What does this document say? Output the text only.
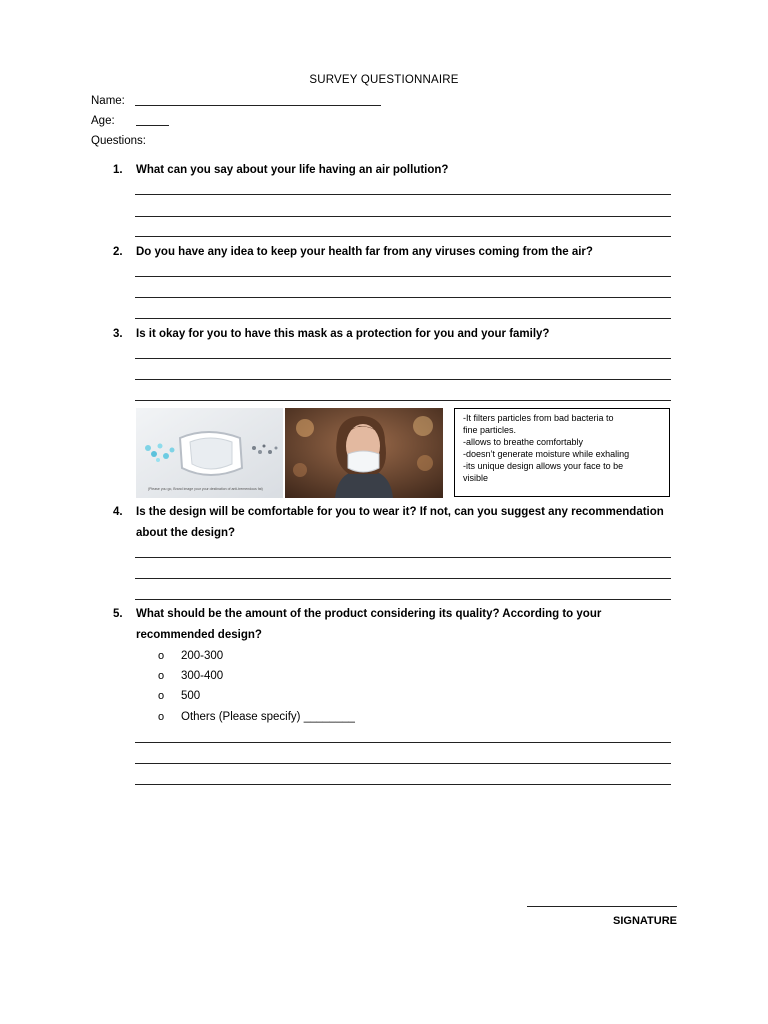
SURVEY QUESTIONNAIRE
Name:
Age:
Questions:
1. What can you say about your life having an air pollution?
2. Do you have any idea to keep your health far from any viruses coming from the air?
3. Is it okay for you to have this mask as a protection for you and your family?
(Please you go, Brand image your your destination of anti-tremendous fat)
-It filters particles from bad bacteria to
fine particles.
-allows to breathe comfortably
-doesn’t generate moisture while exhaling
-its unique design allows your face to be
visible
4. Is the design will be comfortable for you to wear it? If not, can you suggest any recommendation
about the design?
5. What should be the amount of the product considering its quality? According to your
recommended design?
o 200-300
o 300-400
o 500
o Others (Please specify) ________
SIGNATURE
